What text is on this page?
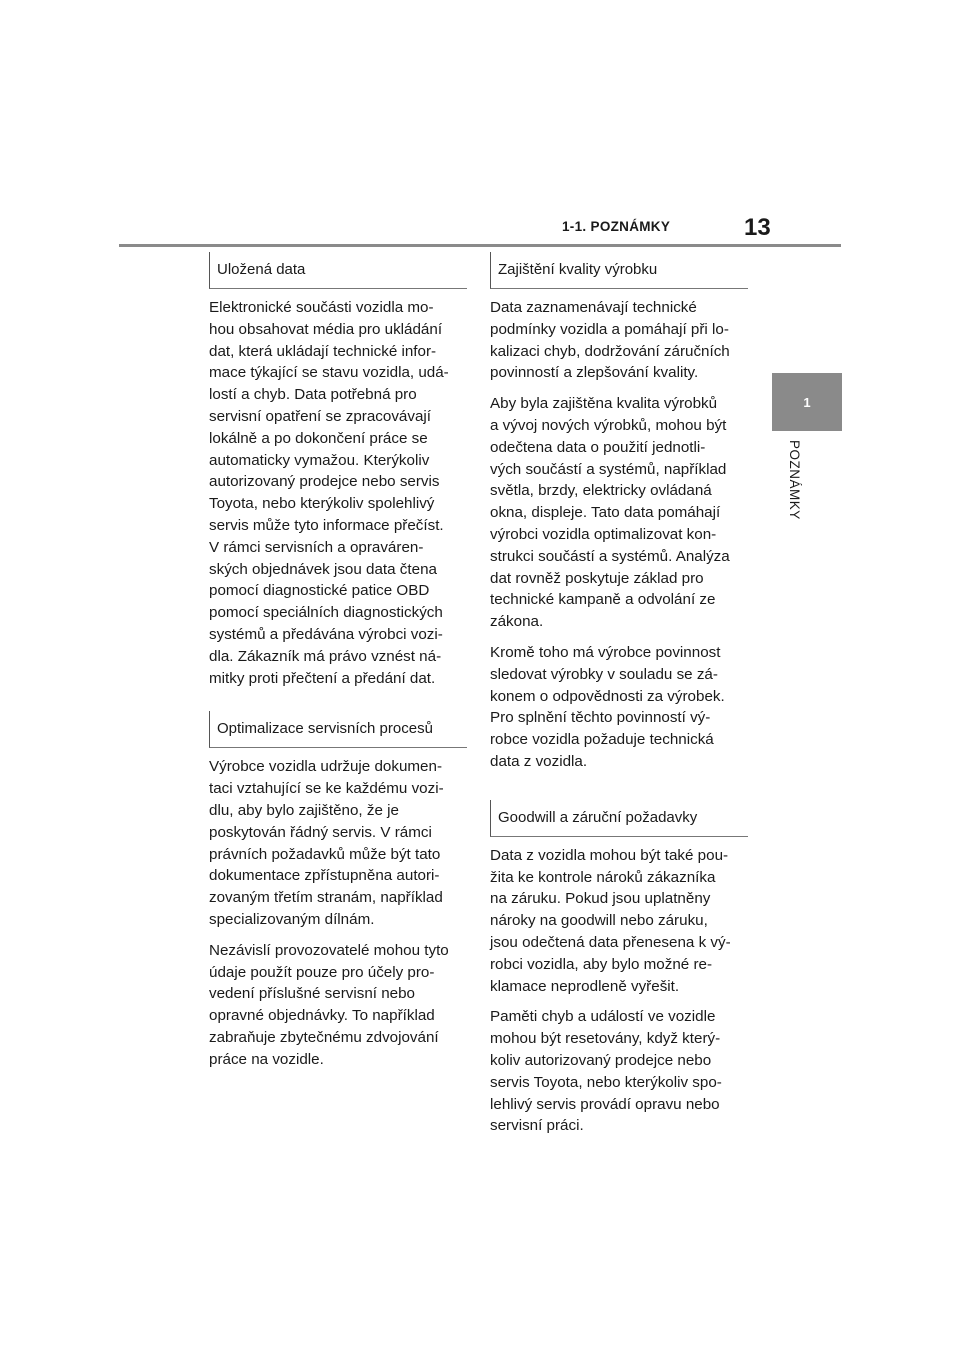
1-1. POZNÁMKY	13
1
POZNÁMKY
Uložená data
Elektronické součásti vozidla mo-
hou obsahovat média pro ukládání
dat, která ukládají technické infor-
mace týkající se stavu vozidla, udá-
lostí a chyb. Data potřebná pro
servisní opatření se zpracovávají
lokálně a po dokončení práce se
automaticky vymažou. Kterýkoliv
autorizovaný prodejce nebo servis
Toyota, nebo kterýkoliv spolehlivý
servis může tyto informace přečíst.
V rámci servisních a opraváren-
ských objednávek jsou data čtena
pomocí diagnostické patice OBD
pomocí speciálních diagnostických
systémů a předávána výrobci vozi-
dla. Zákazník má právo vznést ná-
mitky proti přečtení a předání dat.
Optimalizace servisních procesů
Výrobce vozidla udržuje dokumen-
taci vztahující se ke každému vozi-
dlu, aby bylo zajištěno, že je
poskytován řádný servis. V rámci
právních požadavků může být tato
dokumentace zpřístupněna autori-
zovaným třetím stranám, například
specializovaným dílnám.
Nezávislí provozovatelé mohou tyto
údaje použít pouze pro účely pro-
vedení příslušné servisní nebo
opravné objednávky. To například
zabraňuje zbytečnému zdvojování
práce na vozidle.
Zajištění kvality výrobku
Data zaznamenávají technické
podmínky vozidla a pomáhají při lo-
kalizaci chyb, dodržování záručních
povinností a zlepšování kvality.
Aby byla zajištěna kvalita výrobků
a vývoj nových výrobků, mohou být
odečtena data o použití jednotli-
vých součástí a systémů, například
světla, brzdy, elektricky ovládaná
okna, displeje. Tato data pomáhají
výrobci vozidla optimalizovat kon-
strukci součástí a systémů. Analýza
dat rovněž poskytuje základ pro
technické kampaně a odvolání ze
zákona.
Kromě toho má výrobce povinnost
sledovat výrobky v souladu se zá-
konem o odpovědnosti za výrobek.
Pro splnění těchto povinností vý-
robce vozidla požaduje technická
data z vozidla.
Goodwill a záruční požadavky
Data z vozidla mohou být také pou-
žita ke kontrole nároků zákazníka
na záruku. Pokud jsou uplatněny
nároky na goodwill nebo záruku,
jsou odečtená data přenesena k vý-
robci vozidla, aby bylo možné re-
klamace neprodleně vyřešit.
Paměti chyb a událostí ve vozidle
mohou být resetovány, když který-
koliv autorizovaný prodejce nebo
servis Toyota, nebo kterýkoliv spo-
lehlivý servis provádí opravu nebo
servisní práci.
